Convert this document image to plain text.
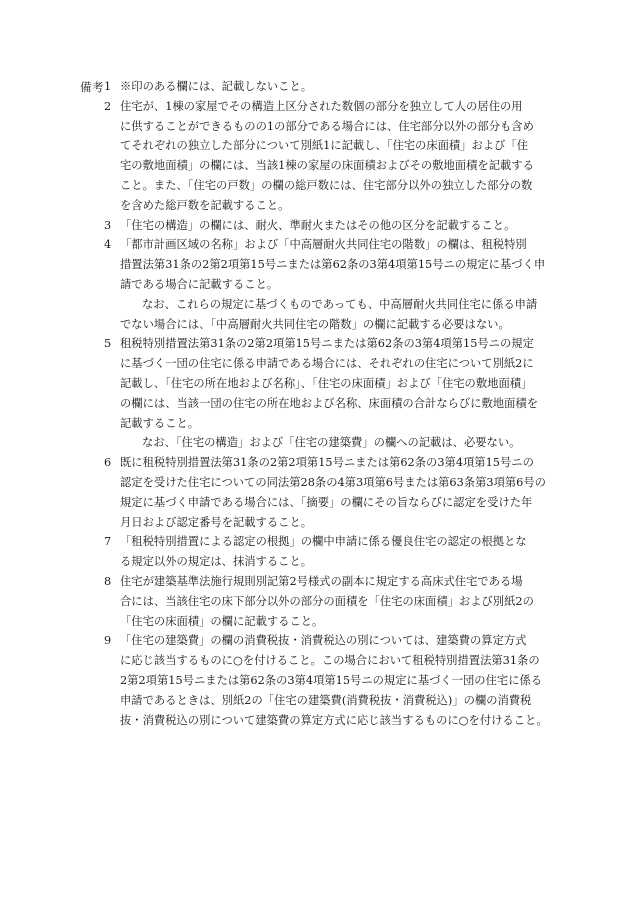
備考 1 ※印のある欄には、記載しないこと。
2 住宅が、1棟の家屋でその構造上区分された数個の部分を独立して人の居住の用
に供することができるものの1の部分である場合には、住宅部分以外の部分も含め
てそれぞれの独立した部分について別紙1に記載し、「住宅の床面積」および「住
宅の敷地面積」の欄には、当該1棟の家屋の床面積およびその敷地面積を記載する
こと。また、「住宅の戸数」の欄の総戸数には、住宅部分以外の独立した部分の数
を含めた総戸数を記載すること。
3 「住宅の構造」の欄には、耐火、準耐火またはその他の区分を記載すること。
4 「都市計画区域の名称」および「中高層耐火共同住宅の階数」の欄は、租税特別
措置法第31条の2第2項第15号ニまたは第62条の3第4項第15号ニの規定に基づく申
請である場合に記載すること。
なお、これらの規定に基づくものであっても、中高層耐火共同住宅に係る申請
でない場合には、「中高層耐火共同住宅の階数」の欄に記載する必要はない。
5 租税特別措置法第31条の2第2項第15号ニまたは第62条の3第4項第15号ニの規定
に基づく一団の住宅に係る申請である場合には、それぞれの住宅について別紙2に
記載し、「住宅の所在地および名称」、「住宅の床面積」および「住宅の敷地面積」
の欄には、当該一団の住宅の所在地および名称、床面積の合計ならびに敷地面積を
記載すること。
なお、「住宅の構造」および「住宅の建築費」の欄への記載は、必要ない。
6 既に租税特別措置法第31条の2第2項第15号ニまたは第62条の3第4項第15号ニの
認定を受けた住宅についての同法第28条の4第3項第6号または第63条第3項第6号の
規定に基づく申請である場合には、「摘要」の欄にその旨ならびに認定を受けた年
月日および認定番号を記載すること。
7 「租税特別措置による認定の根拠」の欄中申請に係る優良住宅の認定の根拠とな
る規定以外の規定は、抹消すること。
8 住宅が建築基準法施行規則別記第2号様式の副本に規定する高床式住宅である場
合には、当該住宅の床下部分以外の部分の面積を「住宅の床面積」および別紙2の
「住宅の床面積」の欄に記載すること。
9 「住宅の建築費」の欄の消費税抜・消費税込の別については、建築費の算定方式
に応じ該当するものに○を付けること。この場合において租税特別措置法第31条の
2第2項第15号ニまたは第62条の3第4項第15号ニの規定に基づく一団の住宅に係る
申請であるときは、別紙2の「住宅の建築費(消費税抜・消費税込)」の欄の消費税
抜・消費税込の別について建築費の算定方式に応じ該当するものに○を付けること。
